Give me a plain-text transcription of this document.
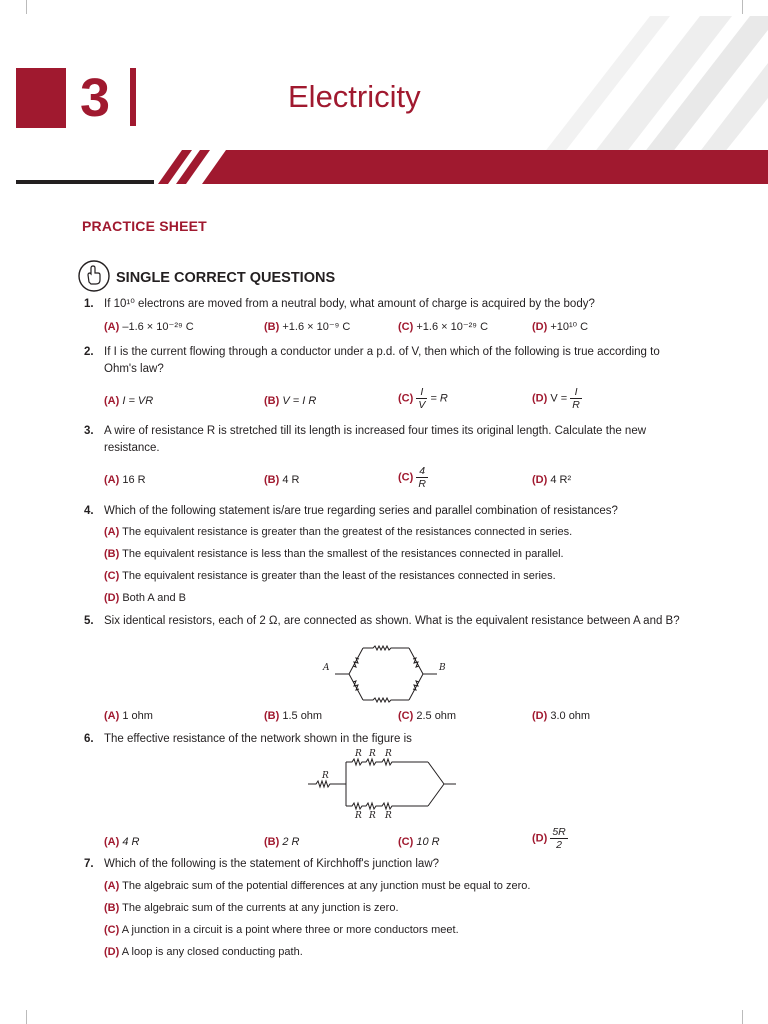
3	Electricity
PRACTICE SHEET
SINGLE CORRECT QUESTIONS
1. If 10¹⁰ electrons are moved from a neutral body, what amount of charge is acquired by the body?
(A) –1.6 × 10⁻²⁹ C	(B) +1.6 × 10⁻⁹ C	(C) +1.6 × 10⁻²⁹ C	(D) +10¹⁰ C
2. If I is the current flowing through a conductor under a p.d. of V, then which of the following is true according to Ohm's law?
(A) I = VR	(B) V = I R	$(C) \frac{I}{V} = R$	(D) $V = \frac{I}{R}$
3. A wire of resistance R is stretched till its length is increased four times its original length. Calculate the new resistance.
(A) 16 R	(B) 4 R	$(C) \frac{4}{R}$	(D) 4 R²
4. Which of the following statement is/are true regarding series and parallel combination of resistances?
(A) The equivalent resistance is greater than the greatest of the resistances connected in series.
(B) The equivalent resistance is less than the smallest of the resistances connected in parallel.
(C) The equivalent resistance is greater than the least of the resistances connected in series.
(D) Both A and B
5. Six identical resistors, each of 2 Ω, are connected as shown. What is the equivalent resistance between A and B?
A	B
(A) 1 ohm	(B) 1.5 ohm	(C) 2.5 ohm	(D) 3.0 ohm
6. The effective resistance of the network shown in the figure is
R
R R R
R R R
(A) 4 R	(B) 2 R	(C) 10 R	$(D) \frac{5R}{2}$
7. Which of the following is the statement of Kirchhoff's junction law?
(A) The algebraic sum of the potential differences at any junction must be equal to zero.
(B) The algebraic sum of the currents at any junction is zero.
(C) A junction in a circuit is a point where three or more conductors meet.
(D) A loop is any closed conducting path.
